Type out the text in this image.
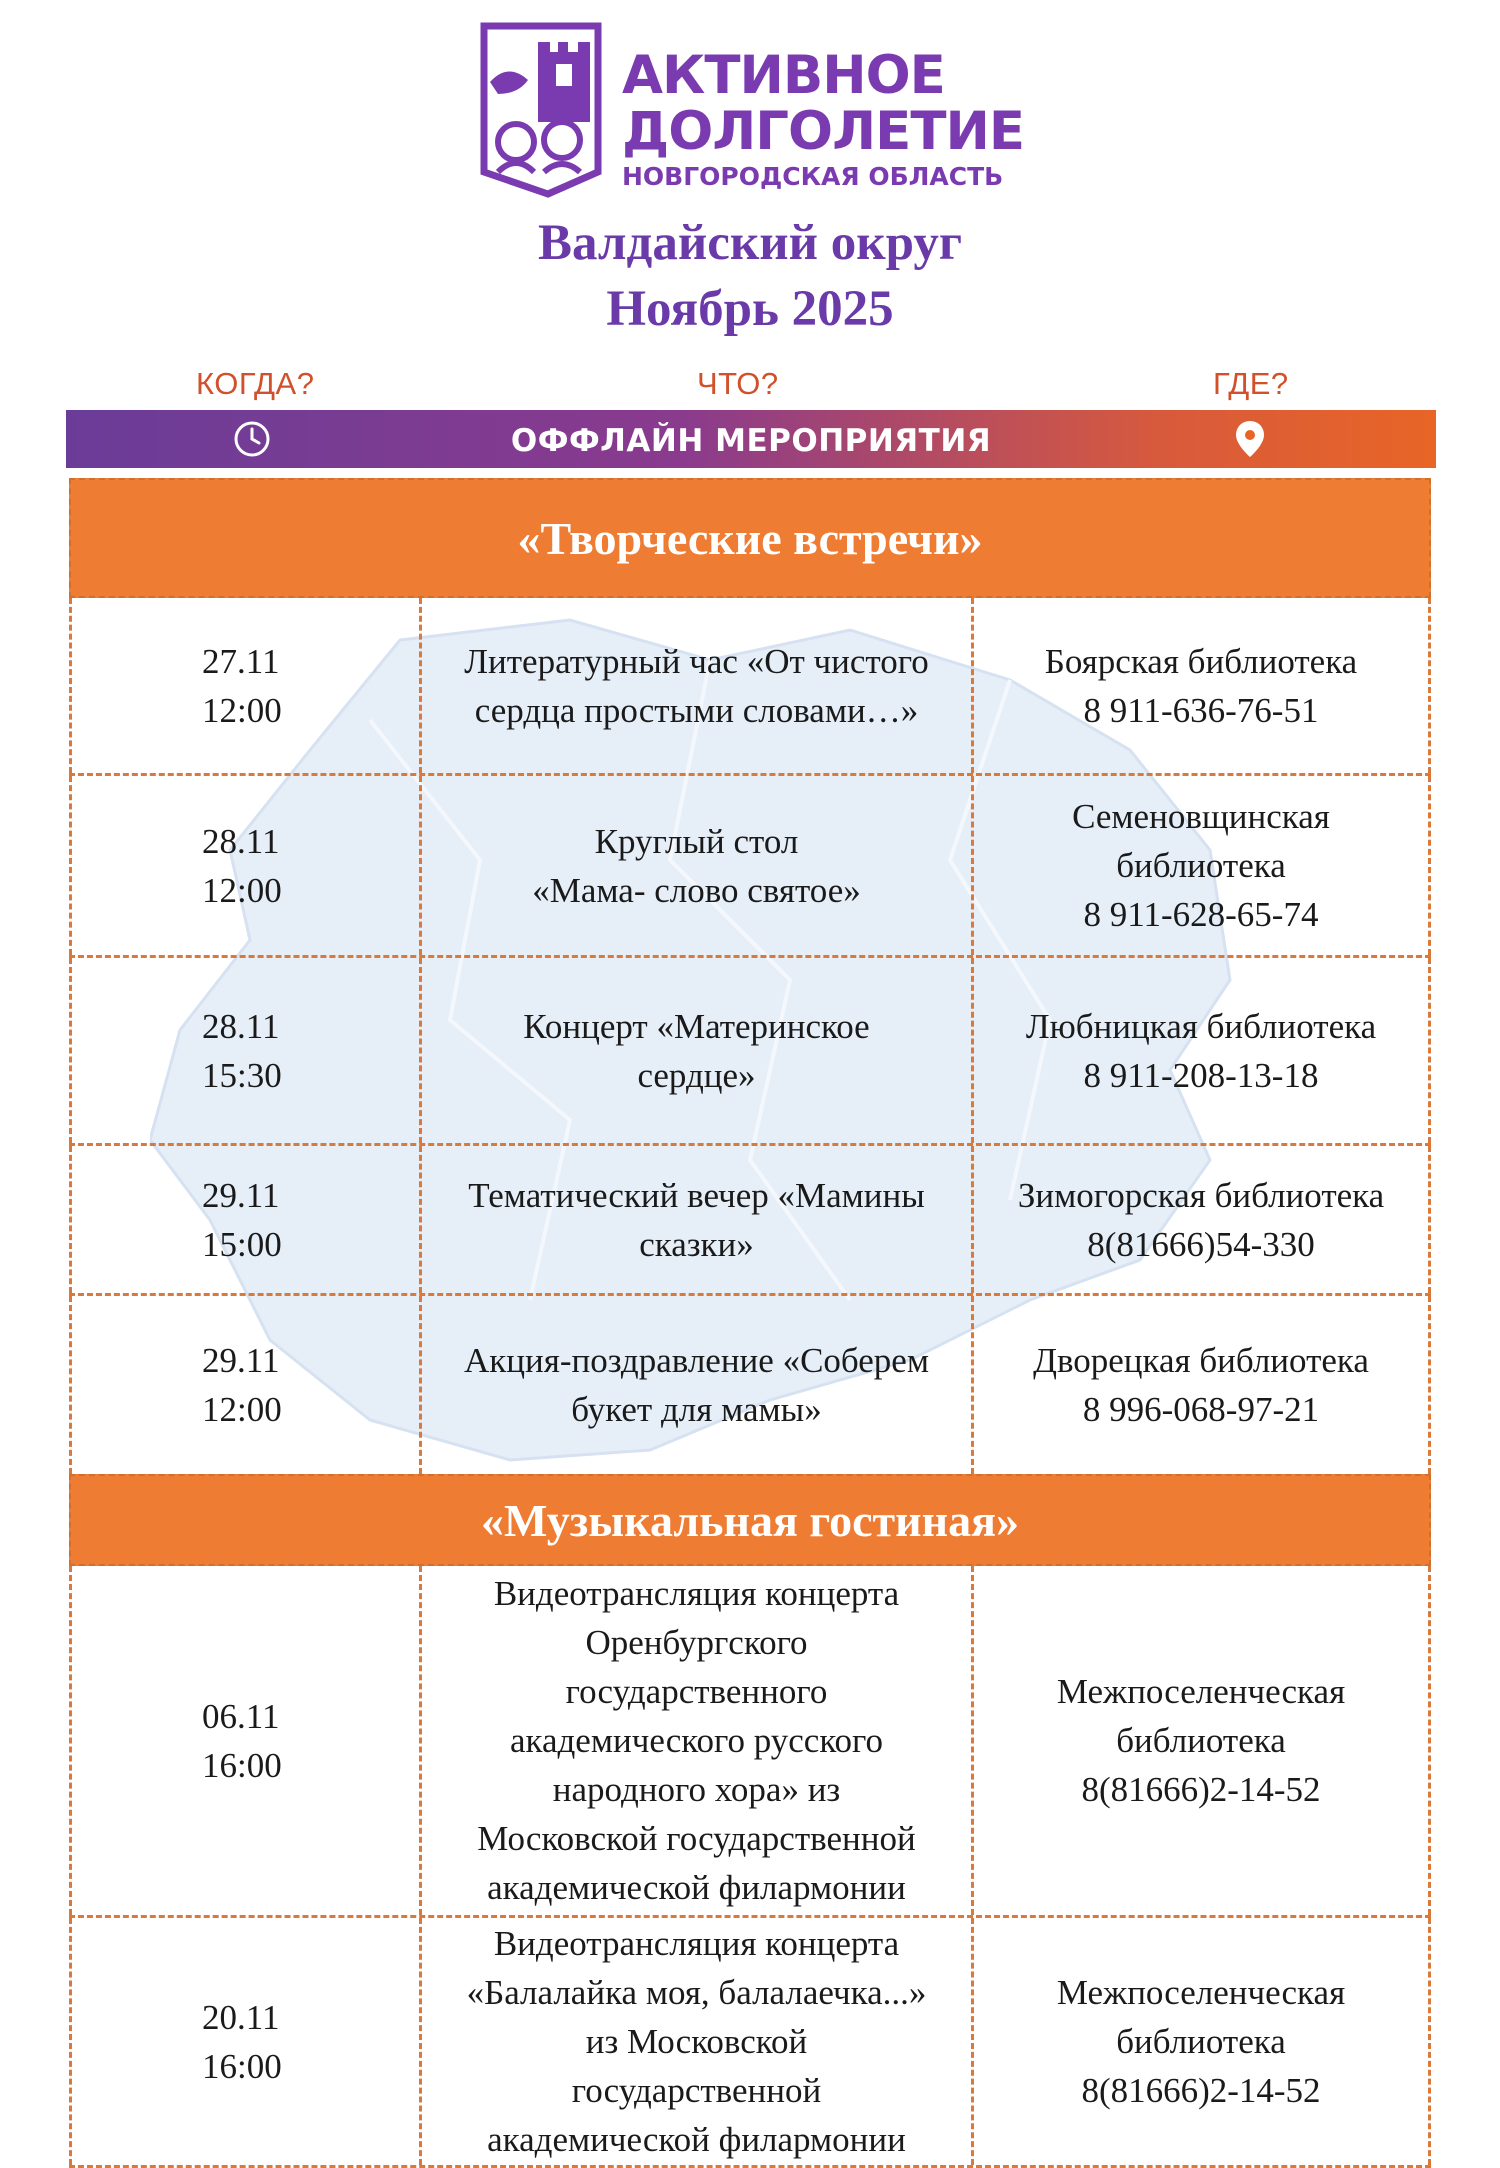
АКТИВНОЕ
ДОЛГОЛЕТИЕ
НОВГОРОДСКАЯ ОБЛАСТЬ
Валдайский округ
Ноябрь 2025
КОГДА?	ЧТО?	ГДЕ?
ОФФЛАЙН МЕРОПРИЯТИЯ
«Творческие встречи»
27.11
12:00
Литературный час «От чистого
сердца простыми словами…»
Боярская библиотека
8 911-636-76-51
28.11
12:00
Круглый стол
«Мама- слово святое»
Семеновщинская
библиотека
8 911-628-65-74
28.11
15:30
Концерт «Материнское
сердце»
Любницкая библиотека
8 911-208-13-18
29.11
15:00
Тематический вечер «Мамины
сказки»
Зимогорская библиотека
8(81666)54-330
29.11
12:00
Акция-поздравление «Соберем
букет для мамы»
Дворецкая библиотека
8 996-068-97-21
«Музыкальная гостиная»
06.11
16:00
Видеотрансляция концерта
Оренбургского
государственного
академического русского
народного хора» из
Московской государственной
академической филармонии
Межпоселенческая
библиотека
8(81666)2-14-52
20.11
16:00
Видеотрансляция концерта
«Балалайка моя, балалаечка...»
из Московской
государственной
академической филармонии
Межпоселенческая
библиотека
8(81666)2-14-52
